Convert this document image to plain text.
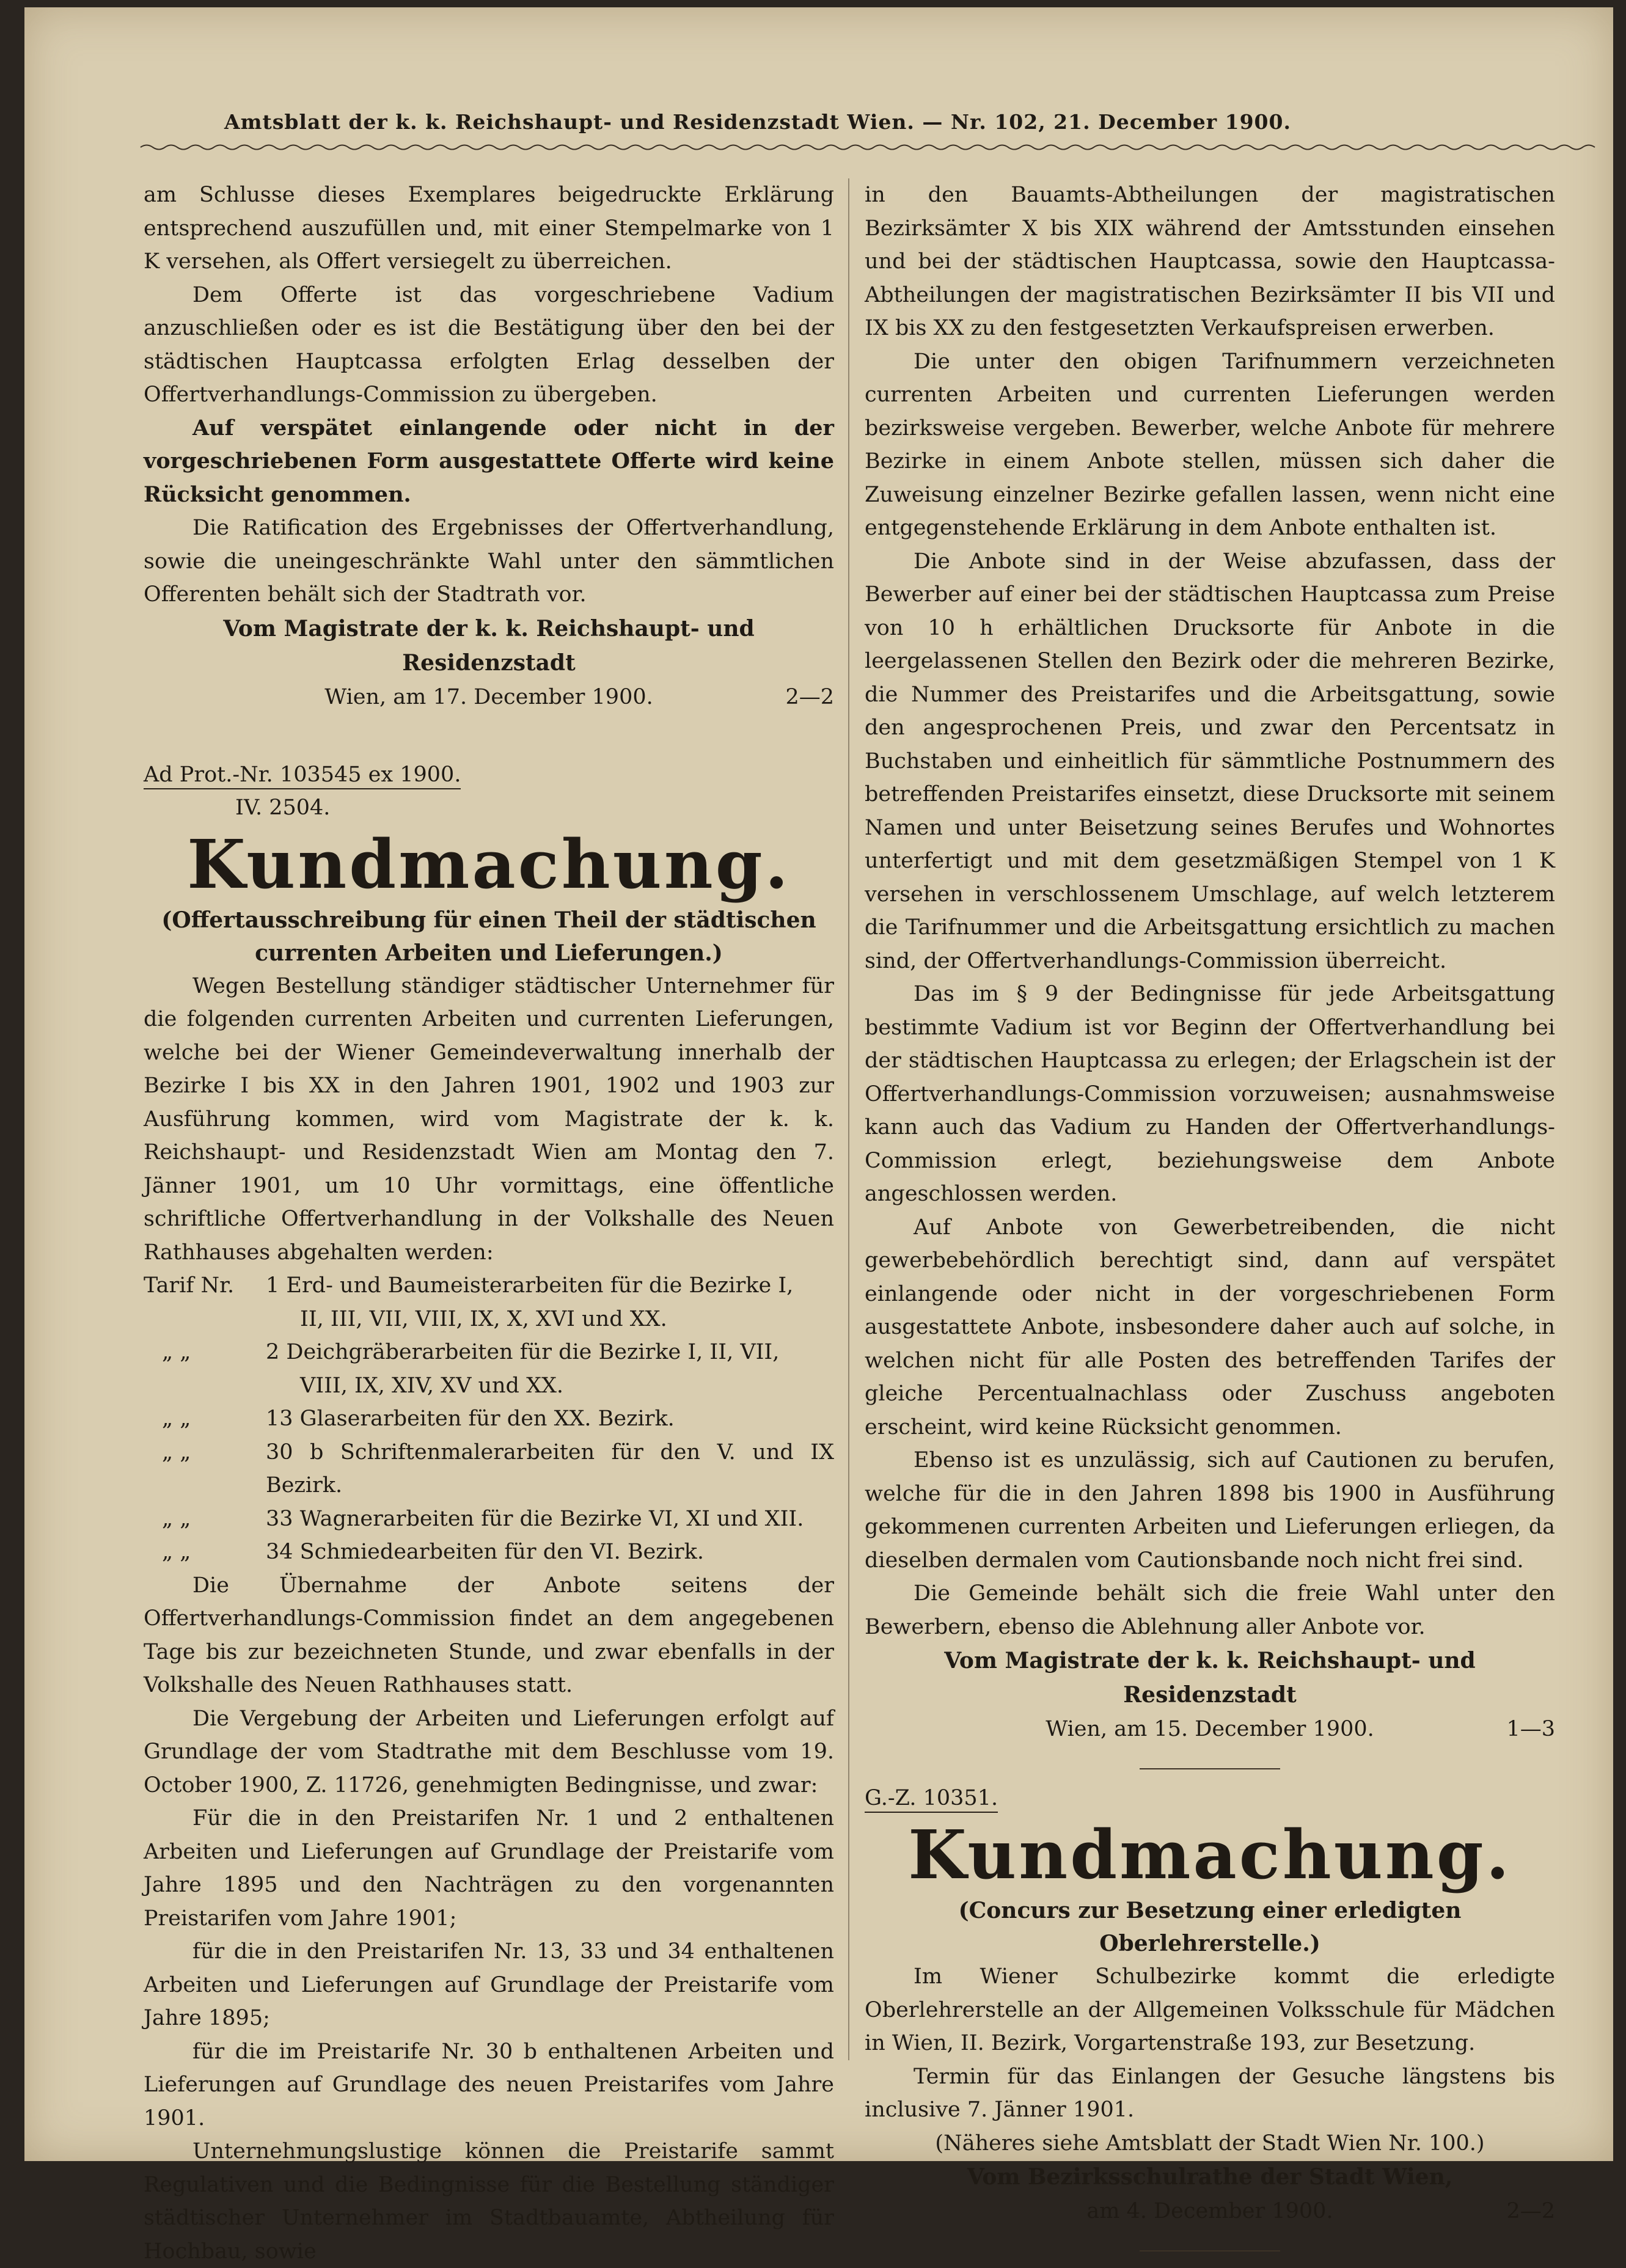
Amtsblatt der k. k. Reichshaupt- und Residenzstadt Wien. — Nr. 102, 21. December 1900.

am Schlusse dieses Exemplares beigedruckte Erklärung entsprechend auszufüllen und, mit einer Stempelmarke von 1 K versehen, als Offert versiegelt zu überreichen.

Dem Offerte ist das vorgeschriebene Vadium anzuschließen oder es ist die Bestätigung über den bei der städtischen Hauptcassa erfolgten Erlag desselben der Offertverhandlungs-Commission zu übergeben.

Auf verspätet einlangende oder nicht in der vorgeschriebenen Form ausgestattete Offerte wird keine Rücksicht genommen.

Die Ratification des Ergebnisses der Offertverhandlung, sowie die uneingeschränkte Wahl unter den sämmtlichen Offerenten behält sich der Stadtrath vor.

Vom Magistrate der k. k. Reichshaupt- und Residenzstadt

Wien, am 17. December 1900.	2—2
Ad Prot.-Nr. 103545 ex 1900.
IV. 2504.
Kundmachung.
(Offertausschreibung für einen Theil der städtischen currenten Arbeiten und Lieferungen.)

Wegen Bestellung ständiger städtischer Unternehmer für die folgenden currenten Arbeiten und currenten Lieferungen, welche bei der Wiener Gemeindeverwaltung innerhalb der Bezirke I bis XX in den Jahren 1901, 1902 und 1903 zur Ausführung kommen, wird vom Magistrate der k. k. Reichshaupt- und Residenzstadt Wien am Montag den 7. Jänner 1901, um 10 Uhr vormittags, eine öffentliche schriftliche Offertverhandlung in der Volkshalle des Neuen Rathhauses abgehalten werden:

Tarif Nr.	1 Erd- und Baumeisterarbeiten für die Bezirke I,
II, III, VII, VIII, IX, X, XVI und XX.
„ „	2 Deichgräberarbeiten für die Bezirke I, II, VII,
VIII, IX, XIV, XV und XX.
„ „	13 Glaserarbeiten für den XX. Bezirk.
„ „	30 b Schriftenmalerarbeiten für den V. und IX Bezirk.
„ „	33 Wagnerarbeiten für die Bezirke VI, XI und XII.
„ „	34 Schmiedearbeiten für den VI. Bezirk.

Die Übernahme der Anbote seitens der Offertverhandlungs-Commission findet an dem angegebenen Tage bis zur bezeichneten Stunde, und zwar ebenfalls in der Volkshalle des Neuen Rathhauses statt.

Die Vergebung der Arbeiten und Lieferungen erfolgt auf Grundlage der vom Stadtrathe mit dem Beschlusse vom 19. October 1900, Z. 11726, genehmigten Bedingnisse, und zwar:

Für die in den Preistarifen Nr. 1 und 2 enthaltenen Arbeiten und Lieferungen auf Grundlage der Preistarife vom Jahre 1895 und den Nachträgen zu den vorgenannten Preistarifen vom Jahre 1901;

für die in den Preistarifen Nr. 13, 33 und 34 enthaltenen Arbeiten und Lieferungen auf Grundlage der Preistarife vom Jahre 1895;

für die im Preistarife Nr. 30 b enthaltenen Arbeiten und Lieferungen auf Grundlage des neuen Preistarifes vom Jahre 1901.

Unternehmungslustige können die Preistarife sammt Regulativen und die Bedingnisse für die Bestellung ständiger städtischer Unternehmer im Stadtbauamte, Abtheilung für Hochbau, sowie

in den Bauamts-Abtheilungen der magistratischen Bezirksämter X bis XIX während der Amtsstunden einsehen und bei der städtischen Hauptcassa, sowie den Hauptcassa-Abtheilungen der magistratischen Bezirksämter II bis VII und IX bis XX zu den festgesetzten Verkaufspreisen erwerben.

Die unter den obigen Tarifnummern verzeichneten currenten Arbeiten und currenten Lieferungen werden bezirksweise vergeben. Bewerber, welche Anbote für mehrere Bezirke in einem Anbote stellen, müssen sich daher die Zuweisung einzelner Bezirke gefallen lassen, wenn nicht eine entgegenstehende Erklärung in dem Anbote enthalten ist.

Die Anbote sind in der Weise abzufassen, dass der Bewerber auf einer bei der städtischen Hauptcassa zum Preise von 10 h erhältlichen Drucksorte für Anbote in die leergelassenen Stellen den Bezirk oder die mehreren Bezirke, die Nummer des Preistarifes und die Arbeitsgattung, sowie den angesprochenen Preis, und zwar den Percentsatz in Buchstaben und einheitlich für sämmtliche Postnummern des betreffenden Preistarifes einsetzt, diese Drucksorte mit seinem Namen und unter Beisetzung seines Berufes und Wohnortes unterfertigt und mit dem gesetzmäßigen Stempel von 1 K versehen in verschlossenem Umschlage, auf welch letzterem die Tarifnummer und die Arbeitsgattung ersichtlich zu machen sind, der Offertverhandlungs-Commission überreicht.

Das im § 9 der Bedingnisse für jede Arbeitsgattung bestimmte Vadium ist vor Beginn der Offertverhandlung bei der städtischen Hauptcassa zu erlegen; der Erlagschein ist der Offertverhandlungs-Commission vorzuweisen; ausnahmsweise kann auch das Vadium zu Handen der Offertverhandlungs-Commission erlegt, beziehungsweise dem Anbote angeschlossen werden.

Auf Anbote von Gewerbetreibenden, die nicht gewerbebehördlich berechtigt sind, dann auf verspätet einlangende oder nicht in der vorgeschriebenen Form ausgestattete Anbote, insbesondere daher auch auf solche, in welchen nicht für alle Posten des betreffenden Tarifes der gleiche Percentualnachlass oder Zuschuss angeboten erscheint, wird keine Rücksicht genommen.

Ebenso ist es unzulässig, sich auf Cautionen zu berufen, welche für die in den Jahren 1898 bis 1900 in Ausführung gekommenen currenten Arbeiten und Lieferungen erliegen, da dieselben dermalen vom Cautionsbande noch nicht frei sind.

Die Gemeinde behält sich die freie Wahl unter den Bewerbern, ebenso die Ablehnung aller Anbote vor.

Vom Magistrate der k. k. Reichshaupt- und Residenzstadt

Wien, am 15. December 1900.	1—3
G.-Z. 10351.
Kundmachung.
(Concurs zur Besetzung einer erledigten Oberlehrerstelle.)

Im Wiener Schulbezirke kommt die erledigte Oberlehrerstelle an der Allgemeinen Volksschule für Mädchen in Wien, II. Bezirk, Vorgartenstraße 193, zur Besetzung.

Termin für das Einlangen der Gesuche längstens bis inclusive 7. Jänner 1901.

(Näheres siehe Amtsblatt der Stadt Wien Nr. 100.)

Vom Bezirksschulrathe der Stadt Wien,

am 4. December 1900.	2—2
